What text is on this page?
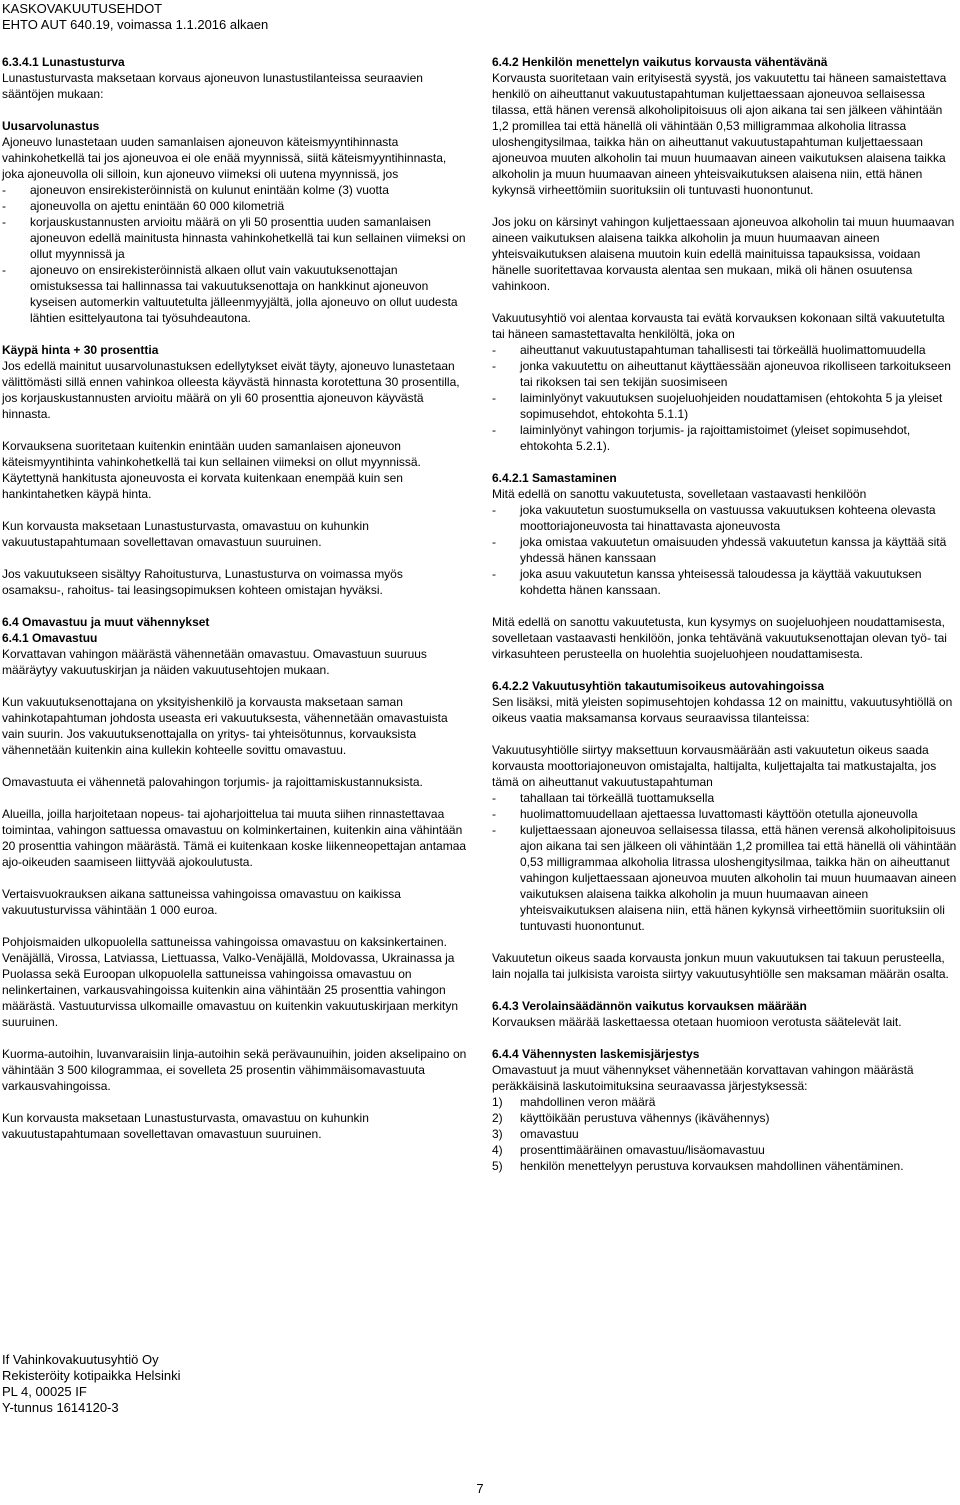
KASKOVAKUUTUSEHDOT
EHTO AUT 640.19, voimassa 1.1.2016 alkaen
6.3.4.1 Lunastusturva
Lunastusturvasta maksetaan korvaus ajoneuvon lunastustilanteissa seuraavien sääntöjen mukaan:
Uusarvolunastus
Ajoneuvo lunastetaan uuden samanlaisen ajoneuvon käteismyyntihinnasta vahinkohetkellä tai jos ajoneuvoa ei ole enää myynnissä, siitä käteismyyntihinnasta, joka ajoneuvolla oli silloin, kun ajoneuvo viimeksi oli uutena myynnissä, jos
-	ajoneuvon ensirekisteröinnistä on kulunut enintään kolme (3) vuotta
-	ajoneuvolla on ajettu enintään 60 000 kilometriä
-	korjauskustannusten arvioitu määrä on yli 50 prosenttia uuden samanlaisen ajoneuvon edellä mainitusta hinnasta vahinkohetkellä tai kun sellainen viimeksi on ollut myynnissä ja
-	ajoneuvo on ensirekisteröinnistä alkaen ollut vain vakuutuksenottajan omistuksessa tai hallinnassa tai vakuutuksenottaja on hankkinut ajoneuvon kyseisen automerkin valtuutetulta jälleenmyyjältä, jolla ajoneuvo on ollut uudesta lähtien esittelyautona tai työsuhdeautona.
Käypä hinta + 30 prosenttia
Jos edellä mainitut uusarvolunastuksen edellytykset eivät täyty, ajoneuvo lunastetaan välittömästi sillä ennen vahinkoa olleesta käyvästä hinnasta korotettuna 30 prosentilla, jos korjauskustannusten arvioitu määrä on yli 60 prosenttia ajoneuvon käyvästä hinnasta.
Korvauksena suoritetaan kuitenkin enintään uuden samanlaisen ajoneuvon käteismyyntihinta vahinkohetkellä tai kun sellainen viimeksi on ollut myynnissä. Käytettynä hankitusta ajoneuvosta ei korvata kuitenkaan enempää kuin sen hankintahetken käypä hinta.
Kun korvausta maksetaan Lunastusturvasta, omavastuu on kuhunkin vakuutustapahtumaan sovellettavan omavastuun suuruinen.
Jos vakuutukseen sisältyy Rahoitusturva, Lunastusturva on voimassa myös osamaksu-, rahoitus- tai leasingsopimuksen kohteen omistajan hyväksi.
6.4 Omavastuu ja muut vähennykset
6.4.1 Omavastuu
Korvattavan vahingon määrästä vähennetään omavastuu. Omavastuun suuruus määräytyy vakuutuskirjan ja näiden vakuutusehtojen mukaan.
Kun vakuutuksenottajana on yksityishenkilö ja korvausta maksetaan saman vahinkotapahtuman johdosta useasta eri vakuutuksesta, vähennetään omavastuista vain suurin. Jos vakuutuksenottajalla on yritys- tai yhteisötunnus, korvauksista vähennetään kuitenkin aina kullekin kohteelle sovittu omavastuu.
Omavastuuta ei vähennetä palovahingon torjumis- ja rajoittamiskustannuksista.
Alueilla, joilla harjoitetaan nopeus- tai ajoharjoittelua tai muuta siihen rinnastettavaa toimintaa, vahingon sattuessa omavastuu on kolminkertainen, kuitenkin aina vähintään 20 prosenttia vahingon määrästä. Tämä ei kuitenkaan koske liikenneopettajan antamaa ajo-oikeuden saamiseen liittyvää ajokoulutusta.
Vertaisvuokrauksen aikana sattuneissa vahingoissa omavastuu on kaikissa vakuutusturvissa vähintään 1 000 euroa.
Pohjoismaiden ulkopuolella sattuneissa vahingoissa omavastuu on kaksinkertainen. Venäjällä, Virossa, Latviassa, Liettuassa, Valko-Venäjällä, Moldovassa, Ukrainassa ja Puolassa sekä Euroopan ulkopuolella sattuneissa vahingoissa omavastuu on nelinkertainen, varkausvahingoissa kuitenkin aina vähintään 25 prosenttia vahingon määrästä. Vastuuturvissa ulkomaille omavastuu on kuitenkin vakuutuskirjaan merkityn suuruinen.
Kuorma-autoihin, luvanvaraisiin linja-autoihin sekä perävaunuihin, joiden akselipaino on vähintään 3 500 kilogrammaa, ei sovelleta 25 prosentin vähimmäisomavastuuta varkausvahingoissa.
Kun korvausta maksetaan Lunastusturvasta, omavastuu on kuhunkin vakuutustapahtumaan sovellettavan omavastuun suuruinen.
6.4.2 Henkilön menettelyn vaikutus korvausta vähentävänä
Korvausta suoritetaan vain erityisestä syystä, jos vakuutettu tai häneen samaistettava henkilö on aiheuttanut vakuutustapahtuman kuljettaessaan ajoneuvoa sellaisessa tilassa, että hänen verensä alkoholipitoisuus oli ajon aikana tai sen jälkeen vähintään 1,2 promillea tai että hänellä oli vähintään 0,53 milligrammaa alkoholia litrassa uloshengitysilmaa, taikka hän on aiheuttanut vakuutustapahtuman kuljettaessaan ajoneuvoa muuten alkoholin tai muun huumaavan aineen vaikutuksen alaisena taikka alkoholin ja muun huumaavan aineen yhteisvaikutuksen alaisena niin, että hänen kykynsä virheettömiin suorituksiin oli tuntuvasti huonontunut.
Jos joku on kärsinyt vahingon kuljettaessaan ajoneuvoa alkoholin tai muun huumaavan aineen vaikutuksen alaisena taikka alkoholin ja muun huumaavan aineen yhteisvaikutuksen alaisena muutoin kuin edellä mainituissa tapauksissa, voidaan hänelle suoritettavaa korvausta alentaa sen mukaan, mikä oli hänen osuutensa vahinkoon.
Vakuutusyhtiö voi alentaa korvausta tai evätä korvauksen kokonaan siltä vakuutetulta tai häneen samastettavalta henkilöltä, joka on
-	aiheuttanut vakuutustapahtuman tahallisesti tai törkeällä huolimattomuudella
-	jonka vakuutettu on aiheuttanut käyttäessään ajoneuvoa rikolliseen tarkoitukseen tai rikoksen tai sen tekijän suosimiseen
-	laiminlyönyt vakuutuksen suojeluohjeiden noudattamisen (ehtokohta 5 ja yleiset sopimusehdot, ehtokohta 5.1.1)
-	laiminlyönyt vahingon torjumis- ja rajoittamistoimet (yleiset sopimusehdot, ehtokohta 5.2.1).
6.4.2.1 Samastaminen
Mitä edellä on sanottu vakuutetusta, sovelletaan vastaavasti henkilöön
-	joka vakuutetun suostumuksella on vastuussa vakuutuksen kohteena olevasta moottoriajoneuvosta tai hinattavasta ajoneuvosta
-	joka omistaa vakuutetun omaisuuden yhdessä vakuutetun kanssa ja käyttää sitä yhdessä hänen kanssaan
-	joka asuu vakuutetun kanssa yhteisessä taloudessa ja käyttää vakuutuksen kohdetta hänen kanssaan.
Mitä edellä on sanottu vakuutetusta, kun kysymys on suojeluohjeen noudattamisesta, sovelletaan vastaavasti henkilöön, jonka tehtävänä vakuutuksenottajan olevan työ- tai virkasuhteen perusteella on huolehtia suojeluohjeen noudattamisesta.
6.4.2.2 Vakuutusyhtiön takautumisoikeus autovahingoissa
Sen lisäksi, mitä yleisten sopimusehtojen kohdassa 12 on mainittu, vakuutusyhtiöllä on oikeus vaatia maksamansa korvaus seuraavissa tilanteissa:
Vakuutusyhtiölle siirtyy maksettuun korvausmäärään asti vakuutetun oikeus saada korvausta moottoriajoneuvon omistajalta, haltijalta, kuljettajalta tai matkustajalta, jos tämä on aiheuttanut vakuutustapahtuman
-	tahallaan tai törkeällä tuottamuksella
-	huolimattomuudellaan ajettaessa luvattomasti käyttöön otetulla ajoneuvolla
-	kuljettaessaan ajoneuvoa sellaisessa tilassa, että hänen verensä alkoholipitoisuus ajon aikana tai sen jälkeen oli vähintään 1,2 promillea tai että hänellä oli vähintään 0,53 milligrammaa alkoholia litrassa uloshengitysilmaa, taikka hän on aiheuttanut vahingon kuljettaessaan ajoneuvoa muuten alkoholin tai muun huumaavan aineen vaikutuksen alaisena taikka alkoholin ja muun huumaavan aineen yhteisvaikutuksen alaisena niin, että hänen kykynsä virheettömiin suorituksiin oli tuntuvasti huonontunut.
Vakuutetun oikeus saada korvausta jonkun muun vakuutuksen tai takuun perusteella, lain nojalla tai julkisista varoista siirtyy vakuutusyhtiölle sen maksaman määrän osalta.
6.4.3 Verolainsäädännön vaikutus korvauksen määrään
Korvauksen määrää laskettaessa otetaan huomioon verotusta säätelevät lait.
6.4.4 Vähennysten laskemisjärjestys
Omavastuut ja muut vähennykset vähennetään korvattavan vahingon määrästä peräkkäisinä laskutoimituksina seuraavassa järjestyksessä:
1)	mahdollinen veron määrä
2)	käyttöikään perustuva vähennys (ikävähennys)
3)	omavastuu
4)	prosenttimääräinen omavastuu/lisäomavastuu
5)	henkilön menettelyyn perustuva korvauksen mahdollinen vähentäminen.
If Vahinkovakuutusyhtiö Oy
Rekisteröity kotipaikka Helsinki
PL 4, 00025 IF
Y-tunnus 1614120-3
7
